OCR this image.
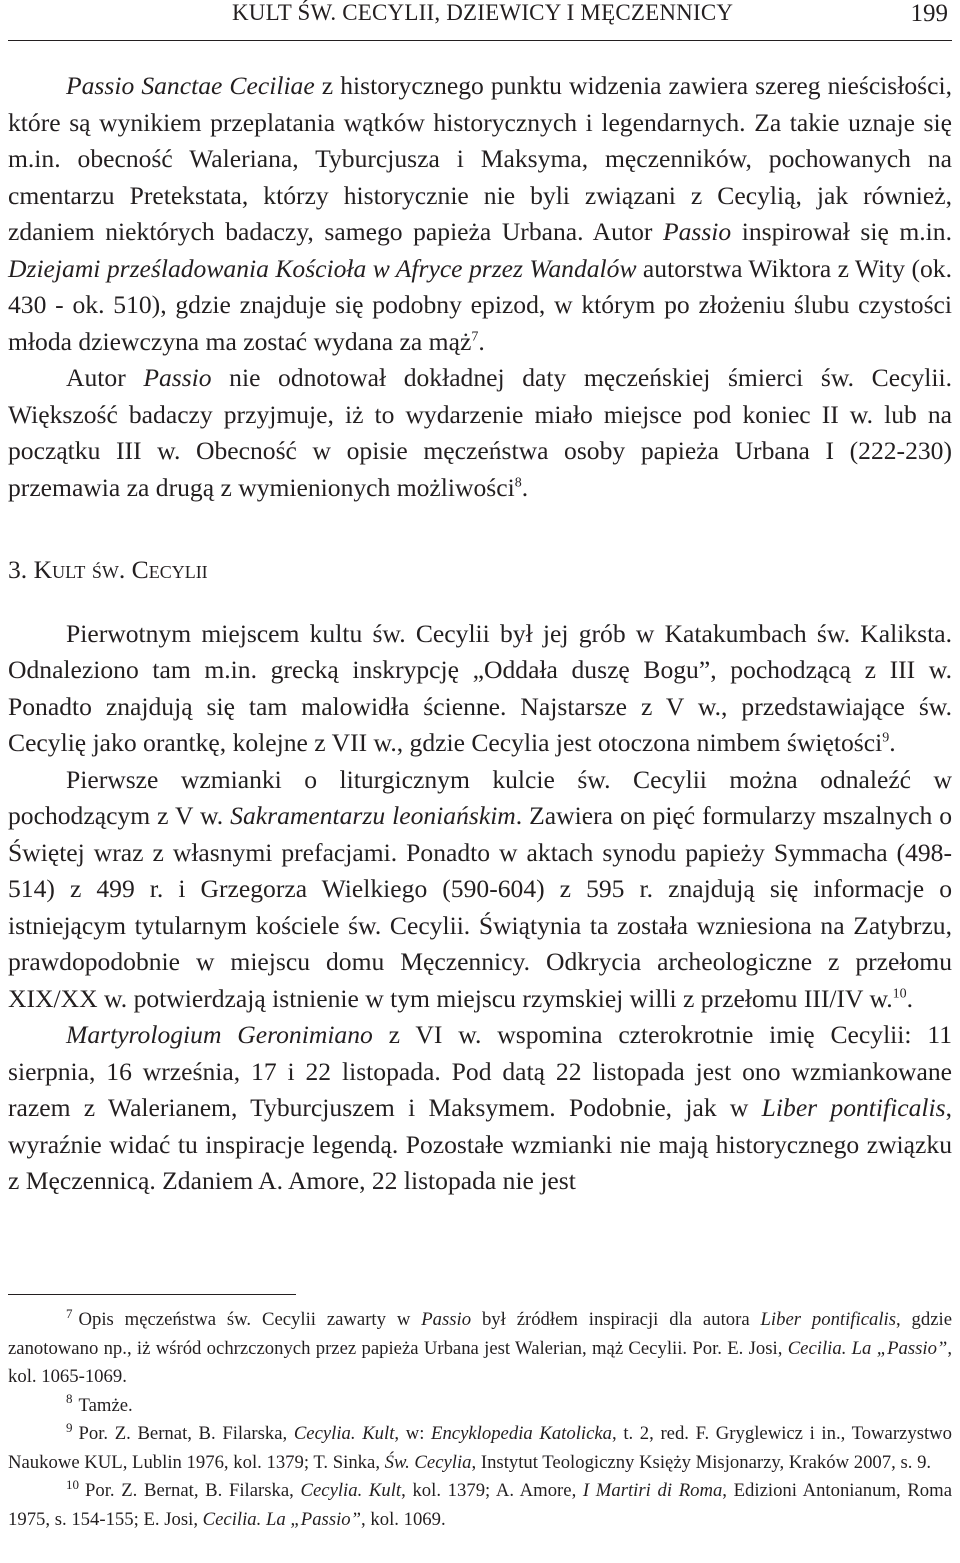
KULT ŚW. CECYLII, DZIEWICY I MĘCZENNICY	199

Passio Sanctae Ceciliae z historycznego punktu widzenia zawiera szereg nieścisłości, które są wynikiem przeplatania wątków historycznych i legendarnych. Za takie uznaje się m.in. obecność Waleriana, Tyburcjusza i Maksyma, męczenników, pochowanych na cmentarzu Pretekstata, którzy historycznie nie byli związani z Cecylią, jak również, zdaniem niektórych badaczy, samego papieża Urbana. Autor Passio inspirował się m.in. Dziejami prześladowania Kościoła w Afryce przez Wandalów autorstwa Wiktora z Wity (ok. 430 - ok. 510), gdzie znajduje się podobny epizod, w którym po złożeniu ślubu czystości młoda dziewczyna ma zostać wydana za mąż$^7$.

Autor Passio nie odnotował dokładnej daty męczeńskiej śmierci św. Cecylii. Większość badaczy przyjmuje, iż to wydarzenie miało miejsce pod koniec II w. lub na początku III w. Obecność w opisie męczeństwa osoby papieża Urbana I (222-230) przemawia za drugą z wymienionych możliwości$^8$.

3. Kult św. Cecylii

Pierwotnym miejscem kultu św. Cecylii był jej grób w Katakumbach św. Kaliksta. Odnaleziono tam m.in. grecką inskrypcję „Oddała duszę Bogu”, pochodzącą z III w. Ponadto znajdują się tam malowidła ścienne. Najstarsze z V w., przedstawiające św. Cecylię jako orantkę, kolejne z VII w., gdzie Cecylia jest otoczona nimbem świętości$^9$.

Pierwsze wzmianki o liturgicznym kulcie św. Cecylii można odnaleźć w pochodzącym z V w. Sakramentarzu leoniańskim. Zawiera on pięć formularzy mszalnych o Świętej wraz z własnymi prefacjami. Ponadto w aktach synodu papieży Symmacha (498-514) z 499 r. i Grzegorza Wielkiego (590-604) z 595 r. znajdują się informacje o istniejącym tytularnym kościele św. Cecylii. Świątynia ta została wzniesiona na Zatybrzu, prawdopodobnie w miejscu domu Męczennicy. Odkrycia archeologiczne z przełomu XIX/XX w. potwierdzają istnienie w tym miejscu rzymskiej willi z przełomu III/IV w.$^{10}$.

Martyrologium Geronimiano z VI w. wspomina czterokrotnie imię Cecylii: 11 sierpnia, 16 września, 17 i 22 listopada. Pod datą 22 listopada jest ono wzmiankowane razem z Walerianem, Tyburcjuszem i Maksymem. Podobnie, jak w Liber pontificalis, wyraźnie widać tu inspiracje legendą. Pozostałe wzmianki nie mają historycznego związku z Męczennicą. Zdaniem A. Amore, 22 listopada nie jest

$^7$ Opis męczeństwa św. Cecylii zawarty w Passio był źródłem inspiracji dla autora Liber pontificalis, gdzie zanotowano np., iż wśród ochrzczonych przez papieża Urbana jest Walerian, mąż Cecylii. Por. E. Josi, Cecilia. La „Passio”, kol. 1065-1069.

$^8$ Tamże.

$^9$ Por. Z. Bernat, B. Filarska, Cecylia. Kult, w: Encyklopedia Katolicka, t. 2, red. F. Gryglewicz i in., Towarzystwo Naukowe KUL, Lublin 1976, kol. 1379; T. Sinka, Św. Cecylia, Instytut Teologiczny Księży Misjonarzy, Kraków 2007, s. 9.

$^{10}$ Por. Z. Bernat, B. Filarska, Cecylia. Kult, kol. 1379; A. Amore, I Martiri di Roma, Edizioni Antonianum, Roma 1975, s. 154-155; E. Josi, Cecilia. La „Passio”, kol. 1069.
